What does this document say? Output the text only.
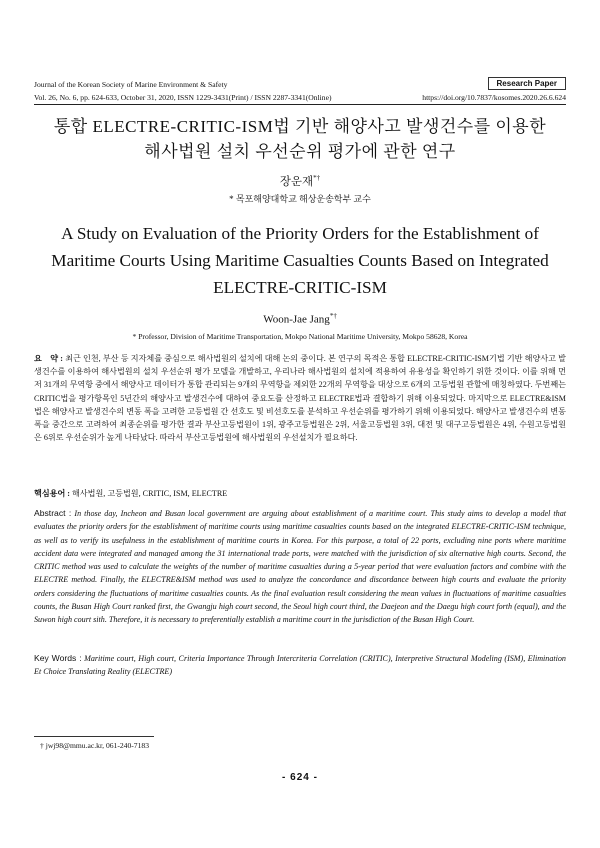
Journal of the Korean Society of Marine Environment & Safety
Vol. 26, No. 6, pp. 624-633, October 31, 2020, ISSN 1229-3431(Print) / ISSN 2287-3341(Online)
Research Paper
https://doi.org/10.7837/kosomes.2020.26.6.624
통합 ELECTRE-CRITIC-ISM법 기반 해양사고 발생건수를 이용한
해사법원 설치 우선순위 평가에 관한 연구
장운재*†
* 목포해양대학교 해상운송학부 교수
A Study on Evaluation of the Priority Orders for the Establishment of
Maritime Courts Using Maritime Casualties Counts Based on Integrated
ELECTRE-CRITIC-ISM
Woon-Jae Jang*†
* Professor, Division of Maritime Transportation, Mokpo National Maritime University, Mokpo 58628, Korea
요　약 : 최근 인천, 부산 등 지자체를 중심으로 해사법원의 설치에 대해 논의 중이다. 본 연구의 목적은 통합 ELECTRE-CRITIC-ISM기법 기반 해양사고 발생건수를 이용하여 해사법원의 설치 우선순위 평가 모델을 개발하고, 우리나라 해사법원의 설치에 적용하여 유용성을 확인하기 위한 것이다. 이를 위해 먼저 31개의 무역항 중에서 해양사고 데이터가 통합 관리되는 9개의 무역항을 제외한 22개의 무역항을 대상으로 6개의 고등법원 관할에 매칭하였다. 두번째는 CRITIC법을 평가항목인 5년간의 해양사고 발생건수에 대하여 중요도를 산정하고 ELECTRE법과 결합하기 위해 이용되었다. 마지막으로 ELECTRE&ISM법은 해양사고 발생건수의 변동 폭을 고려한 고등법원 간 선호도 및 비선호도를 분석하고 우선순위를 평가하기 위해 이용되었다. 해양사고 발생건수의 변동 폭을 중간으로 고려하여 최종순위를 평가한 결과 부산고등법원이 1위, 광주고등법원은 2위, 서울고등법원 3위, 대전 및 대구고등법원은 4위, 수원고등법원은 6위로 우선순위가 높게 나타났다. 따라서 부산고등법원에 해사법원의 우선설치가 필요하다.
핵심용어 : 해사법원, 고등법원, CRITIC, ISM, ELECTRE
Abstract : In those day, Incheon and Busan local government are arguing about establishment of a maritime court. This study aims to develop a model that evaluates the priority orders for the establishment of maritime courts using maritime casualties counts based on the integrated ELECTRE-CRITIC-ISM technique, as well as to verify its usefulness in the establishment of maritime courts in Korea. For this purpose, a total of 22 ports, excluding nine ports where maritime accident data were integrated and managed among the 31 international trade ports, were matched with the jurisdiction of six alternative high courts. Second, the CRITIC method was used to calculate the weights of the number of maritime casualties during a 5-year period that were evaluation factors and combine with the ELECTRE method. Finally, the ELECTRE&ISM method was used to analyze the concordance and discordance between high courts and evaluate the priority orders considering the fluctuations of maritime casualties counts. As the final evaluation result considering the mean values in fluctuations of maritime casualties counts, the Busan High Court ranked first, the Gwangju high court second, the Seoul high court third, the Daejeon and the Daegu high court forth (equal), and the Suwon high court sith. Therefore, it is necessary to preferentially establish a maritime court in the jurisdiction of the Busan High Court.
Key Words : Maritime court, High court, Criteria Importance Through Intercriteria Correlation (CRITIC), Interpretive Structural Modeling (ISM), Elimination Et Choice Translating Reality (ELECTRE)
† jwj98@mmu.ac.kr, 061-240-7183
- 624 -
